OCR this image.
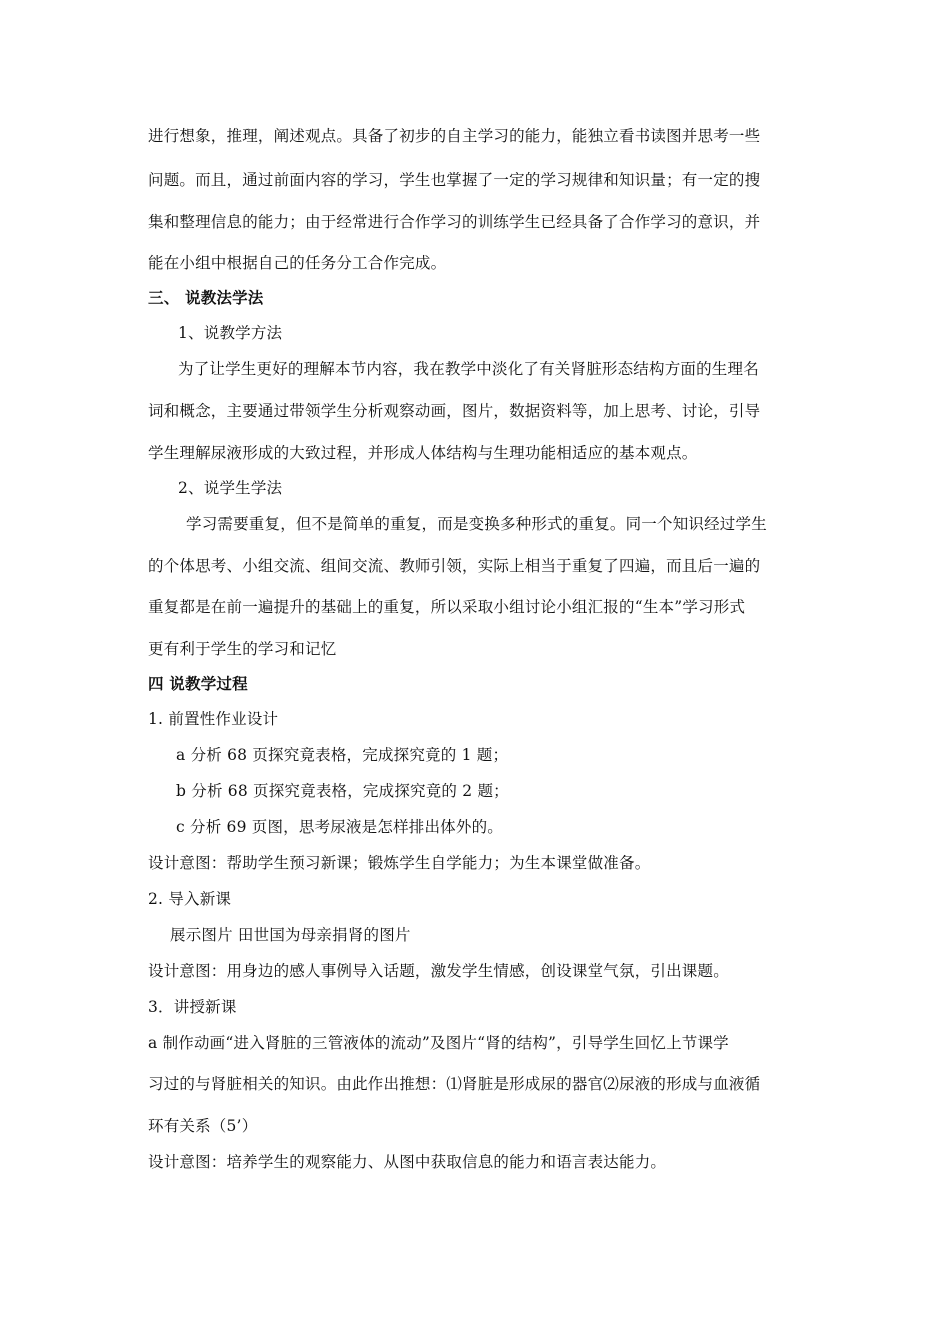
进行想象，推理，阐述观点。具备了初步的自主学习的能力，能独立看书读图并思考一些
问题。而且，通过前面内容的学习，学生也掌握了一定的学习规律和知识量；有一定的搜
集和整理信息的能力；由于经常进行合作学习的训练学生已经具备了合作学习的意识，并
能在小组中根据自己的任务分工合作完成。
三、 说教法学法
1、说教学方法
为了让学生更好的理解本节内容，我在教学中淡化了有关肾脏形态结构方面的生理名
词和概念，主要通过带领学生分析观察动画，图片，数据资料等，加上思考、讨论，引导
学生理解尿液形成的大致过程，并形成人体结构与生理功能相适应的基本观点。
2、说学生学法
学习需要重复，但不是简单的重复，而是变换多种形式的重复。同一个知识经过学生
的个体思考、小组交流、组间交流、教师引领，实际上相当于重复了四遍，而且后一遍的
重复都是在前一遍提升的基础上的重复，所以采取小组讨论小组汇报的“生本”学习形式
更有利于学生的学习和记忆
四 说教学过程
1. 前置性作业设计
a 分析 68 页探究竟表格，完成探究竟的 1 题；
b 分析 68 页探究竟表格，完成探究竟的 2 题；
c 分析 69 页图，思考尿液是怎样排出体外的。
设计意图：帮助学生预习新课；锻炼学生自学能力；为生本课堂做准备。
2. 导入新课
展示图片 田世国为母亲捐肾的图片
设计意图：用身边的感人事例导入话题，激发学生情感，创设课堂气氛，引出课题。
3．讲授新课
a 制作动画“进入肾脏的三管液体的流动”及图片“肾的结构”，引导学生回忆上节课学
习过的与肾脏相关的知识。由此作出推想：⑴肾脏是形成尿的器官⑵尿液的形成与血液循
环有关系（5’）
设计意图：培养学生的观察能力、从图中获取信息的能力和语言表达能力。
